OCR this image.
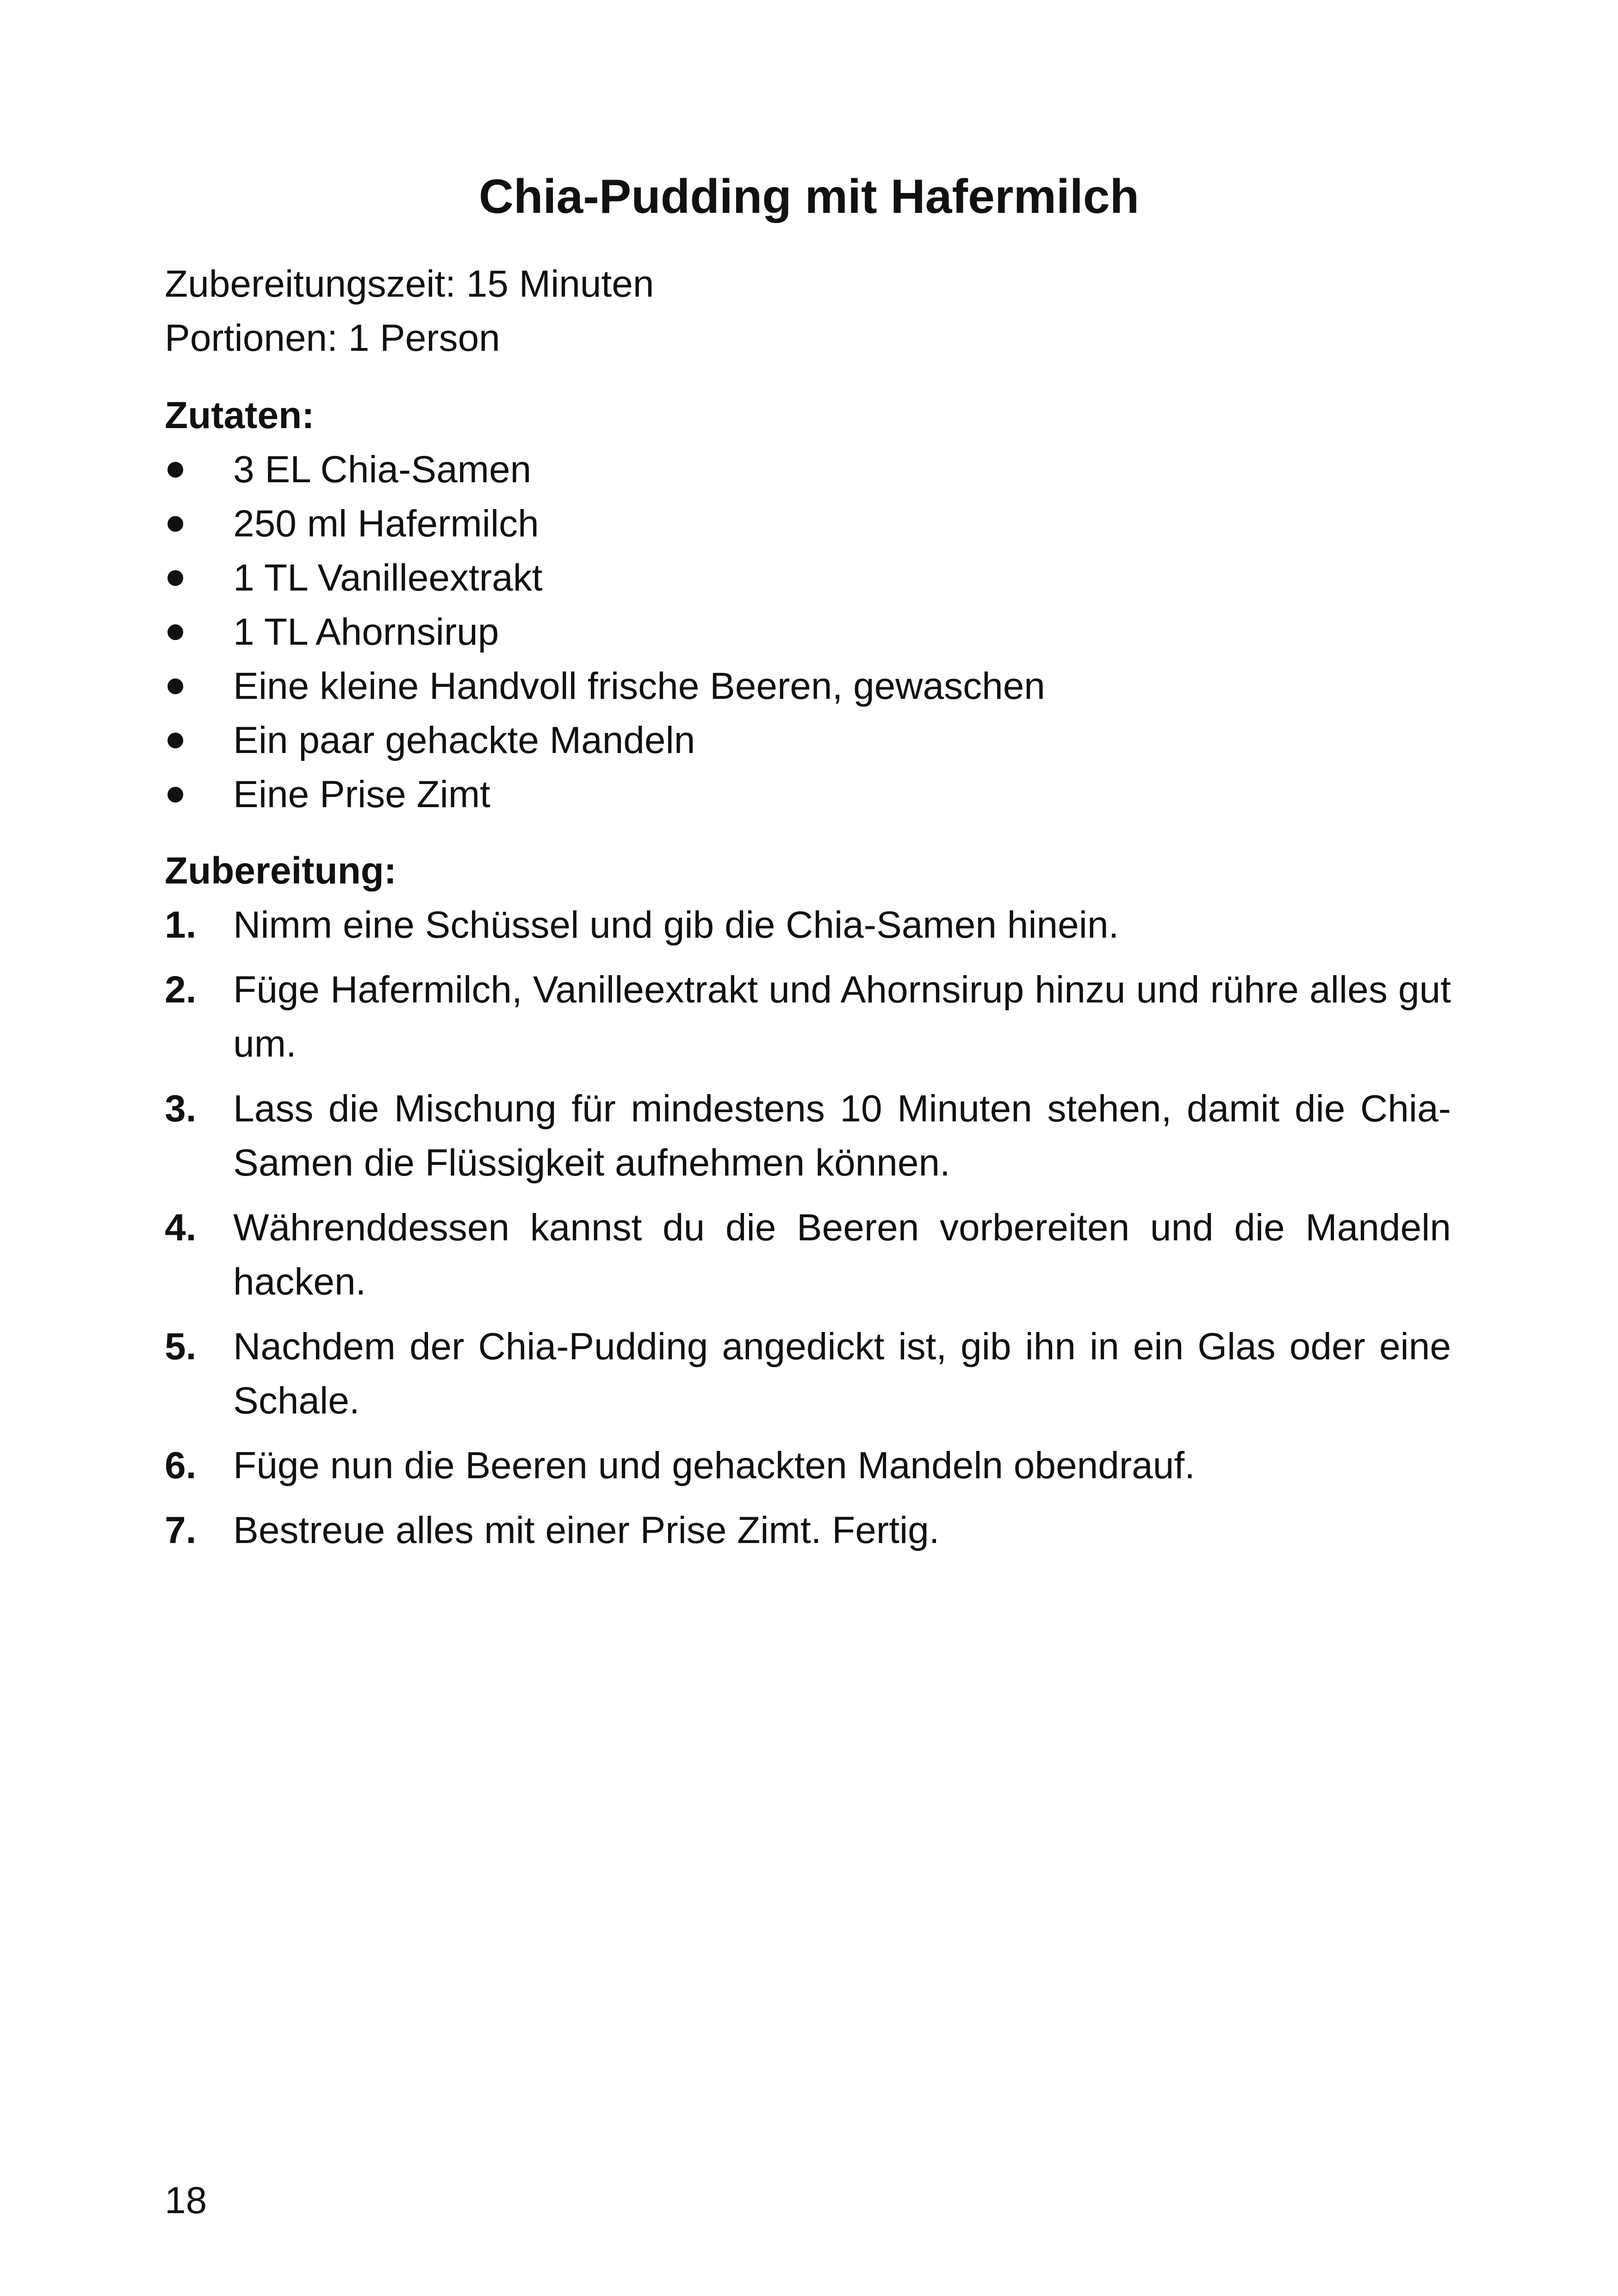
Chia-Pudding mit Hafermilch

Zubereitungszeit: 15 Minuten

Portionen: 1 Person

Zutaten:

3 EL Chia-Samen
250 ml Hafermilch
1 TL Vanilleextrakt
1 TL Ahornsirup
Eine kleine Handvoll frische Beeren, gewaschen
Ein paar gehackte Mandeln
Eine Prise Zimt

Zubereitung:

1. Nimm eine Schüssel und gib die Chia-Samen hinein.
2. Füge Hafermilch, Vanilleextrakt und Ahornsirup hinzu und rühre alles gut um.
3. Lass die Mischung für mindestens 10 Minuten stehen, damit die Chia-Samen die Flüssigkeit aufnehmen können.
4. Währenddessen kannst du die Beeren vorbereiten und die Mandeln hacken.
5. Nachdem der Chia-Pudding angedickt ist, gib ihn in ein Glas oder eine Schale.
6. Füge nun die Beeren und gehackten Mandeln obendrauf.
7. Bestreue alles mit einer Prise Zimt. Fertig.
18
